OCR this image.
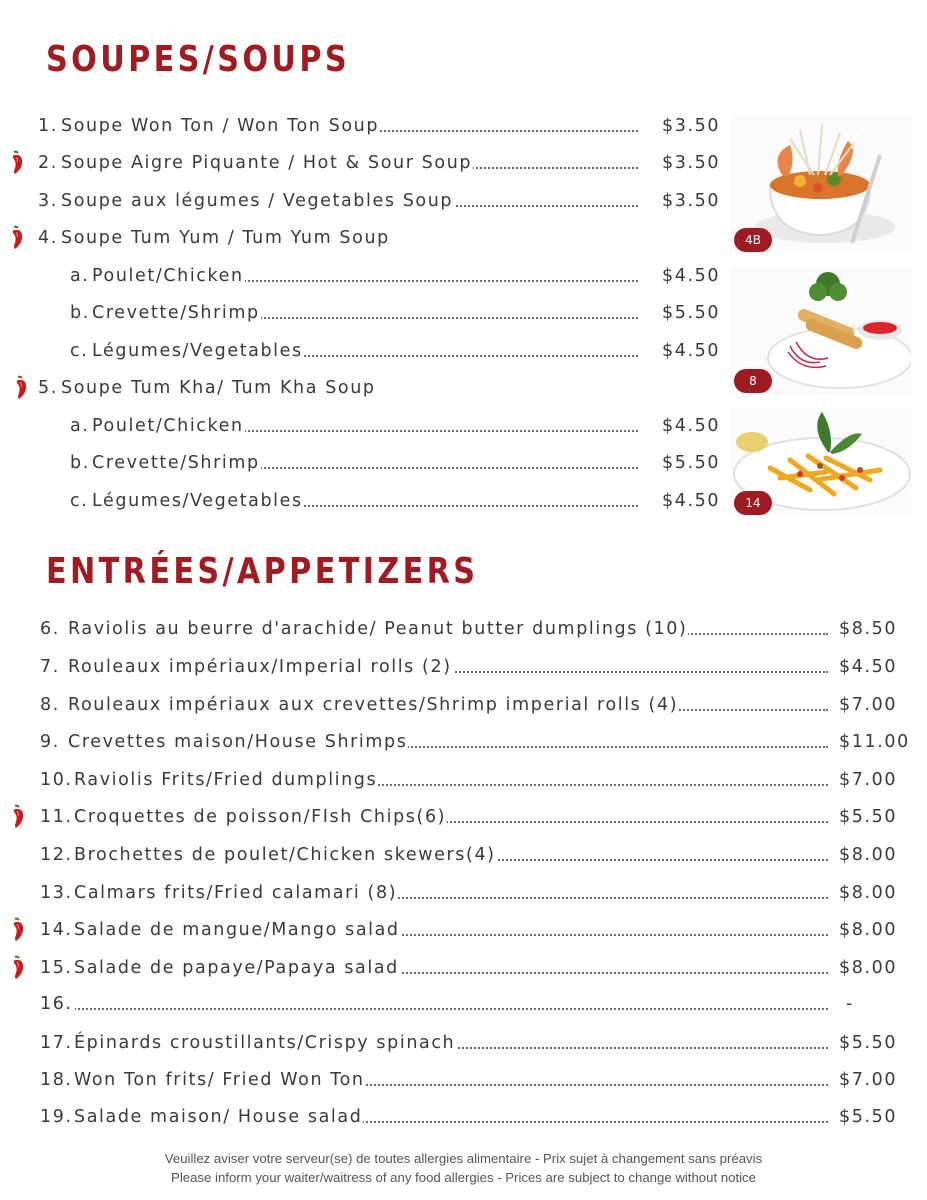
SOUPES/SOUPS
1. Soupe Won Ton / Won Ton Soup	$3.50
2. Soupe Aigre Piquante / Hot & Sour Soup	$3.50
3. Soupe aux légumes / Vegetables Soup	$3.50
4. Soupe Tum Yum / Tum Yum Soup
a. Poulet/Chicken	$4.50
b. Crevette/Shrimp	$5.50
c. Légumes/Vegetables	$4.50
5. Soupe Tum Kha/ Tum Kha Soup
a. Poulet/Chicken	$4.50
b. Crevette/Shrimp	$5.50
c. Légumes/Vegetables	$4.50
4B
8
14
ENTRÉES/APPETIZERS
6. Raviolis au beurre d'arachide/ Peanut butter dumplings (10)	$8.50
7. Rouleaux impériaux/Imperial rolls (2)	$4.50
8. Rouleaux impériaux aux crevettes/Shrimp imperial rolls (4)	$7.00
9. Crevettes maison/House Shrimps	$11.00
10. Raviolis Frits/Fried dumplings	$7.00
11. Croquettes de poisson/FIsh Chips(6)	$5.50
12. Brochettes de poulet/Chicken skewers(4)	$8.00
13. Calmars frits/Fried calamari (8)	$8.00
14. Salade de mangue/Mango salad	$8.00
15. Salade de papaye/Papaya salad	$8.00
16.	-
17. Épinards croustillants/Crispy spinach	$5.50
18. Won Ton frits/ Fried Won Ton	$7.00
19. Salade maison/ House salad	$5.50
Veuillez aviser votre serveur(se) de toutes allergies alimentaire - Prix sujet à changement sans préavis
Please inform your waiter/waitress of any food allergies - Prices are subject to change without notice
